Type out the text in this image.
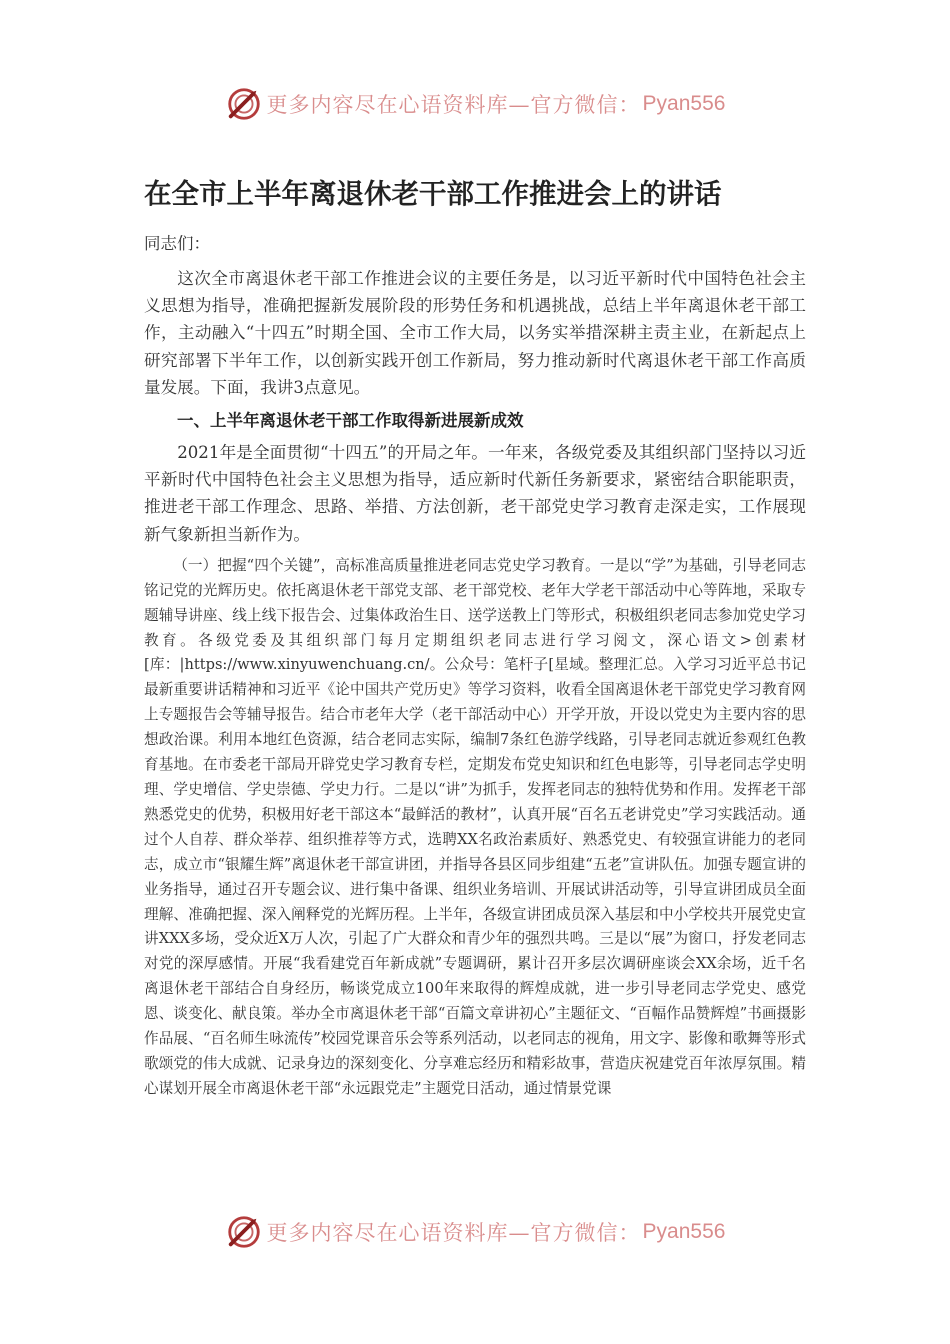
更多内容尽在心语资料库—官方微信： Pyan556
在全市上半年离退休老干部工作推进会上的讲话
同志们：

这次全市离退休老干部工作推进会议的主要任务是，以习近平新时代中国特色社会主义思想为指导，准确把握新发展阶段的形势任务和机遇挑战，总结上半年离退休老干部工作，主动融入“十四五”时期全国、全市工作大局，以务实举措深耕主责主业，在新起点上研究部署下半年工作，以创新实践开创工作新局，努力推动新时代离退休老干部工作高质量发展。下面，我讲3点意见。

一、上半年离退休老干部工作取得新进展新成效

2021年是全面贯彻“十四五”的开局之年。一年来，各级党委及其组织部门坚持以习近平新时代中国特色社会主义思想为指导，适应新时代新任务新要求，紧密结合职能职责，推进老干部工作理念、思路、举措、方法创新，老干部党史学习教育走深走实，工作展现新气象新担当新作为。

（一）把握“四个关键”，高标准高质量推进老同志党史学习教育。一是以“学”为基础，引导老同志铭记党的光辉历史。依托离退休老干部党支部、老干部党校、老年大学老干部活动中心等阵地，采取专题辅导讲座、线上线下报告会、过集体政治生日、送学送教上门等形式，积极组织老同志参加党史学习教育。各级党委及其组织部门每月定期组织老同志进行学习阅文，深心语文>创素材[库：|https://www.xinyuwenchuang.cn/。公众号：笔杆子[星域。整理汇总。入学习习近平总书记最新重要讲话精神和习近平《论中国共产党历史》等学习资料，收看全国离退休老干部党史学习教育网上专题报告会等辅导报告。结合市老年大学（老干部活动中心）开学开放，开设以党史为主要内容的思想政治课。利用本地红色资源，结合老同志实际，编制7条红色游学线路，引导老同志就近参观红色教育基地。在市委老干部局开辟党史学习教育专栏，定期发布党史知识和红色电影等，引导老同志学史明理、学史增信、学史崇德、学史力行。二是以“讲”为抓手，发挥老同志的独特优势和作用。发挥老干部熟悉党史的优势，积极用好老干部这本“最鲜活的教材”，认真开展“百名五老讲党史”学习实践活动。通过个人自荐、群众举荐、组织推荐等方式，选聘XX名政治素质好、熟悉党史、有较强宣讲能力的老同志，成立市“银耀生辉”离退休老干部宣讲团，并指导各县区同步组建“五老”宣讲队伍。加强专题宣讲的业务指导，通过召开专题会议、进行集中备课、组织业务培训、开展试讲活动等，引导宣讲团成员全面理解、准确把握、深入阐释党的光辉历程。上半年，各级宣讲团成员深入基层和中小学校共开展党史宣讲XXX多场，受众近X万人次，引起了广大群众和青少年的强烈共鸣。三是以“展”为窗口，抒发老同志对党的深厚感情。开展“我看建党百年新成就”专题调研，累计召开多层次调研座谈会XX余场，近千名离退休老干部结合自身经历，畅谈党成立100年来取得的辉煌成就，进一步引导老同志学党史、感党恩、谈变化、献良策。举办全市离退休老干部“百篇文章讲初心”主题征文、“百幅作品赞辉煌”书画摄影作品展、“百名师生咏流传”校园党课音乐会等系列活动，以老同志的视角，用文字、影像和歌舞等形式歌颂党的伟大成就、记录身边的深刻变化、分享难忘经历和精彩故事，营造庆祝建党百年浓厚氛围。精心谋划开展全市离退休老干部“永远跟党走”主题党日活动，通过情景党课

更多内容尽在心语资料库—官方微信： Pyan556
